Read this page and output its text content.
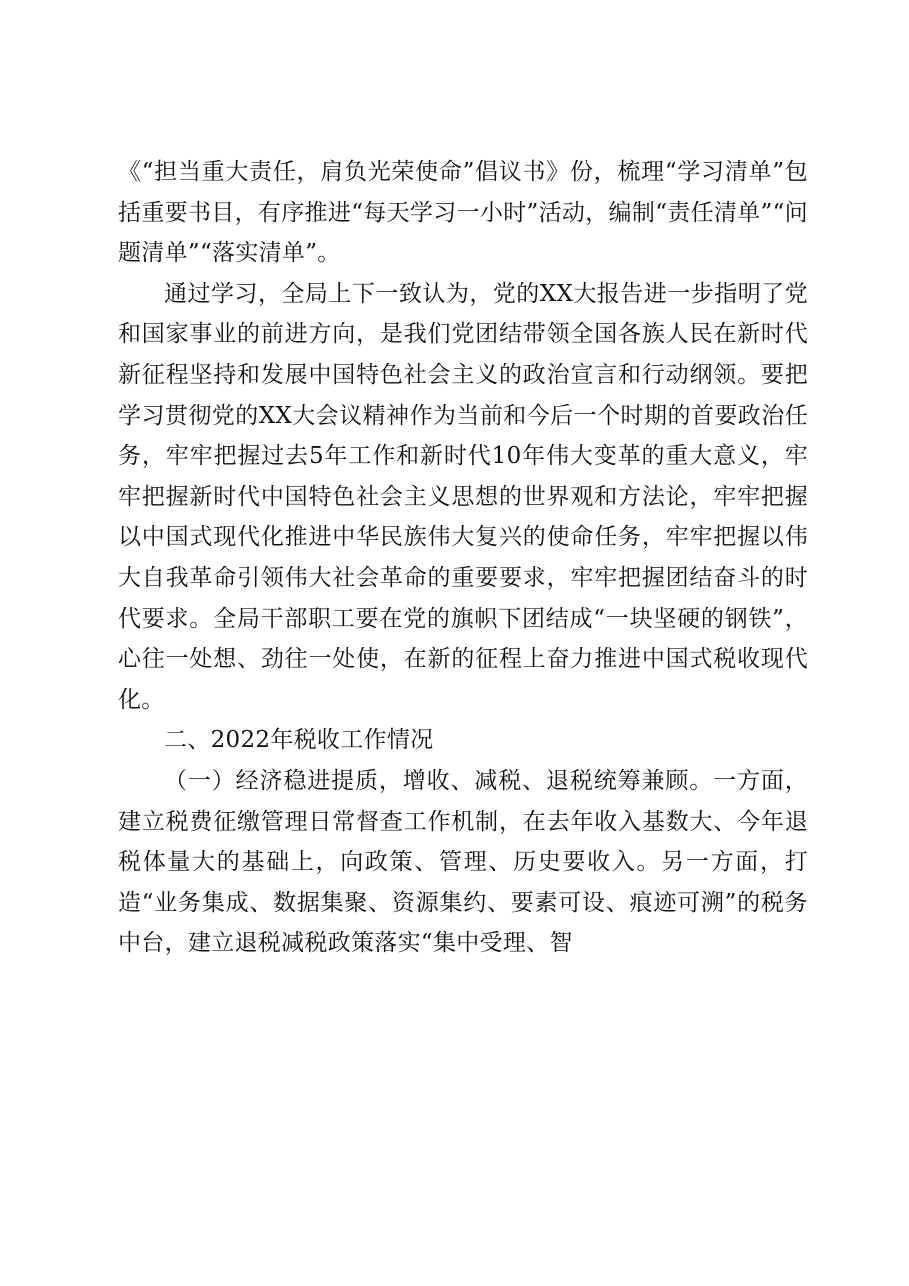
《“担当重大责任，肩负光荣使命”倡议书》份，梳理“学习清单”包括重要书目，有序推进“每天学习一小时”活动，编制“责任清单”“问题清单”“落实清单”。

通过学习，全局上下一致认为，党的XX大报告进一步指明了党和国家事业的前进方向，是我们党团结带领全国各族人民在新时代新征程坚持和发展中国特色社会主义的政治宣言和行动纲领。要把学习贯彻党的XX大会议精神作为当前和今后一个时期的首要政治任务，牢牢把握过去5年工作和新时代10年伟大变革的重大意义，牢牢把握新时代中国特色社会主义思想的世界观和方法论，牢牢把握以中国式现代化推进中华民族伟大复兴的使命任务，牢牢把握以伟大自我革命引领伟大社会革命的重要要求，牢牢把握团结奋斗的时代要求。全局干部职工要在党的旗帜下团结成“一块坚硬的钢铁”，心往一处想、劲往一处使，在新的征程上奋力推进中国式税收现代化。

二、2022年税收工作情况

（一）经济稳进提质，增收、减税、退税统筹兼顾。一方面，建立税费征缴管理日常督查工作机制，在去年收入基数大、今年退税体量大的基础上，向政策、管理、历史要收入。另一方面，打造“业务集成、数据集聚、资源集约、要素可设、痕迹可溯”的税务中台，建立退税减税政策落实“集中受理、智
